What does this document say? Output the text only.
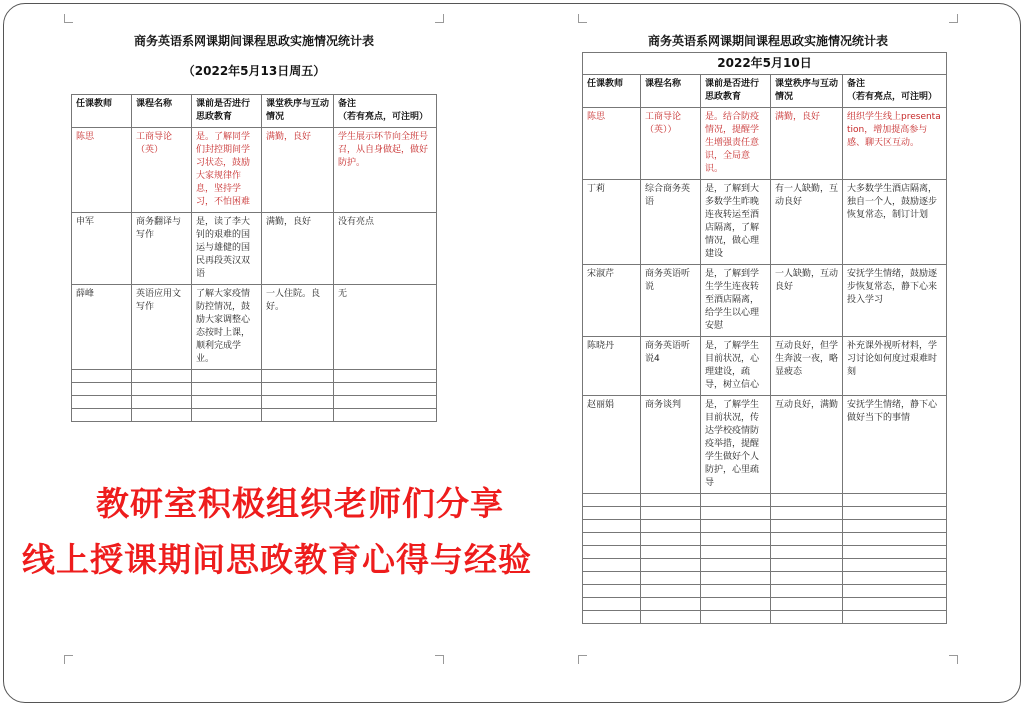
商务英语系网课期间课程思政实施情况统计表
（2022年5月13日周五）
任课教师	课程名称	课前是否进行思政教育	课堂秩序与互动情况	备注
（若有亮点，可注明）
陈思	工商导论（英）	是。了解同学们封控期间学习状态，鼓励大家规律作息，坚持学习，不怕困难	满勤，良好	学生展示环节向全班号召，从自身做起，做好防护。
申军	商务翻译与写作	是，读了李大钊的艰难的国运与雄健的国民再段英汉双语	满勤，良好	没有亮点
薛峰	英语应用文写作	了解大家疫情防控情况，鼓励大家调整心态按时上课，顺利完成学业。	一人住院。良好。	无

商务英语系网课期间课程思政实施情况统计表
2022年5月10日				
任课教师	课程名称	课前是否进行思政教育	课堂秩序与互动情况	备注
（若有亮点，可注明）
陈思	工商导论（英））	是。结合防疫情况，提醒学生增强责任意识，全局意识。	满勤，良好	组织学生线上presentation，增加提高参与感、聊天区互动。
丁莉	综合商务英语	是，了解到大多数学生昨晚连夜转运至酒店隔离，了解情况，做心理建设	有一人缺勤，互动良好	大多数学生酒店隔离，独自一个人，鼓励逐步恢复常态，制订计划
宋淑芹	商务英语听说	是，了解到学生学生连夜转至酒店隔离，给学生以心理安慰	一人缺勤，互动良好	安抚学生情绪，鼓励逐步恢复常态，静下心来投入学习
陈晓丹	商务英语听说4	是，了解学生目前状况，心理建设，疏导，树立信心	互动良好，但学生奔波一夜，略显疲态	补充课外视听材料，学习讨论如何度过艰难时刻
赵丽娟	商务谈判	是，了解学生目前状况，传达学校疫情防疫举措，提醒学生做好个人防护，心里疏导	互动良好，满勤	安抚学生情绪，静下心做好当下的事情

教研室积极组织老师们分享
线上授课期间思政教育心得与经验
